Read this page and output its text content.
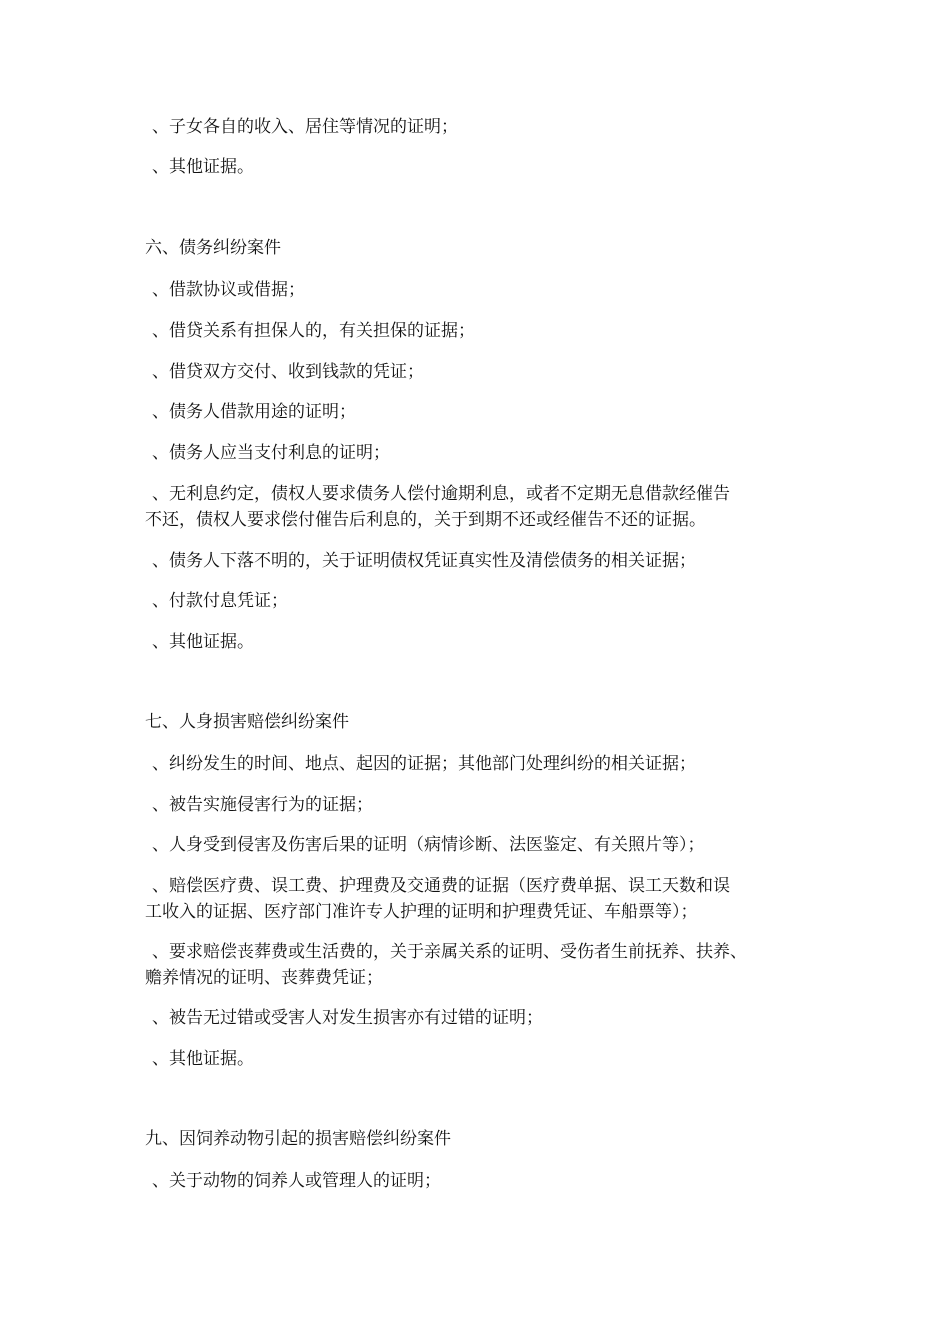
、子女各自的收入、居住等情况的证明；
、其他证据。
六、债务纠纷案件
、借款协议或借据；
、借贷关系有担保人的，有关担保的证据；
、借贷双方交付、收到钱款的凭证；
、债务人借款用途的证明；
、债务人应当支付利息的证明；
、无利息约定，债权人要求债务人偿付逾期利息，或者不定期无息借款经催告
不还，债权人要求偿付催告后利息的，关于到期不还或经催告不还的证据。
、债务人下落不明的，关于证明债权凭证真实性及清偿债务的相关证据；
、付款付息凭证；
、其他证据。
七、人身损害赔偿纠纷案件
、纠纷发生的时间、地点、起因的证据；其他部门处理纠纷的相关证据；
、被告实施侵害行为的证据；
、人身受到侵害及伤害后果的证明（病情诊断、法医鉴定、有关照片等）；
、赔偿医疗费、误工费、护理费及交通费的证据（医疗费单据、误工天数和误
工收入的证据、医疗部门准许专人护理的证明和护理费凭证、车船票等）；
、要求赔偿丧葬费或生活费的，关于亲属关系的证明、受伤者生前抚养、扶养、
赡养情况的证明、丧葬费凭证；
、被告无过错或受害人对发生损害亦有过错的证明；
、其他证据。
九、因饲养动物引起的损害赔偿纠纷案件
、关于动物的饲养人或管理人的证明；
